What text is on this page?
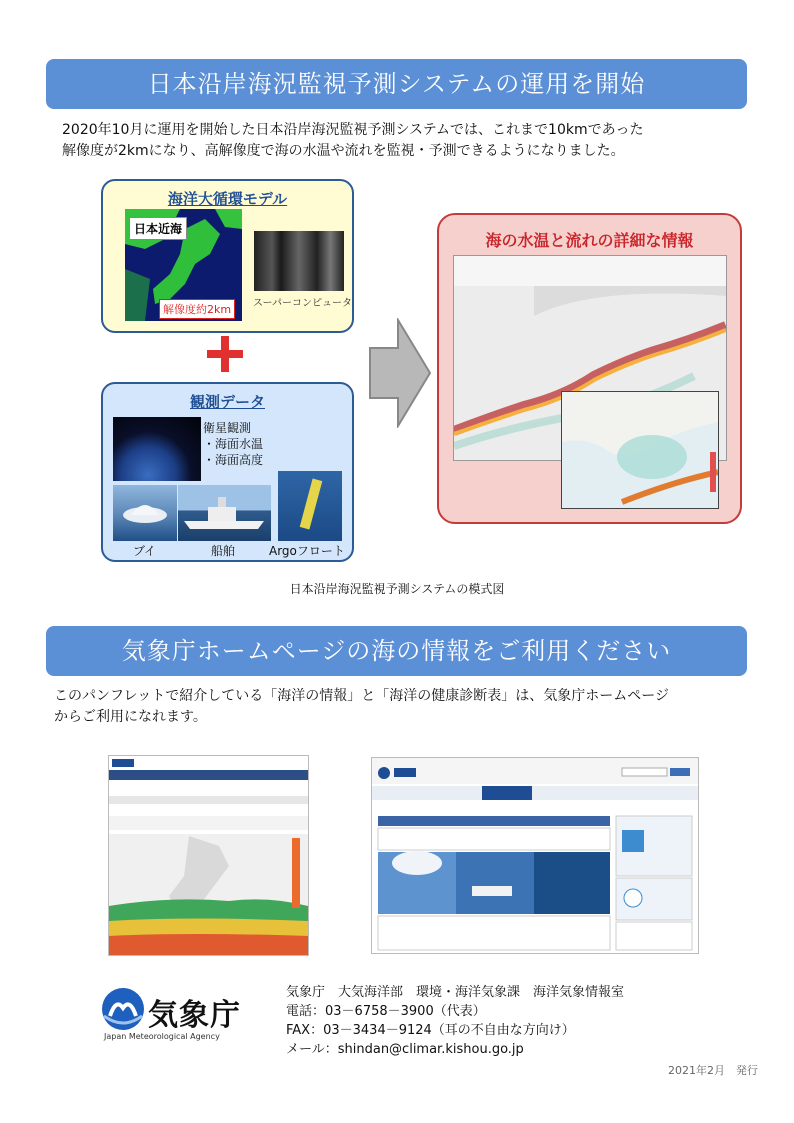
日本沿岸海況監視予測システムの運用を開始
2020年10月に運用を開始した日本沿岸海況監視予測システムでは、これまで10kmであった
解像度が2kmになり、高解像度で海の水温や流れを監視・予測できるようになりました。
海洋大循環モデル
日本近海
解像度約2km	スーパーコンピュータ
観測データ
衛星観測
・海面水温
・海面高度
ブイ	船舶	Argoフロート
海の水温と流れの詳細な情報
日本沿岸海況監視予測システムの模式図
気象庁ホームページの海の情報をご利用ください
このパンフレットで紹介している「海洋の情報」と「海洋の健康診断表」は、気象庁ホームページ
からご利用になれます。
気象庁
Japan Meteorological Agency
気象庁　大気海洋部　環境・海洋気象課　海洋気象情報室
電話：03－6758－3900（代表）
FAX：03－3434－9124（耳の不自由な方向け）
メール：shindan@climar.kishou.go.jp
2021年2月　発行
